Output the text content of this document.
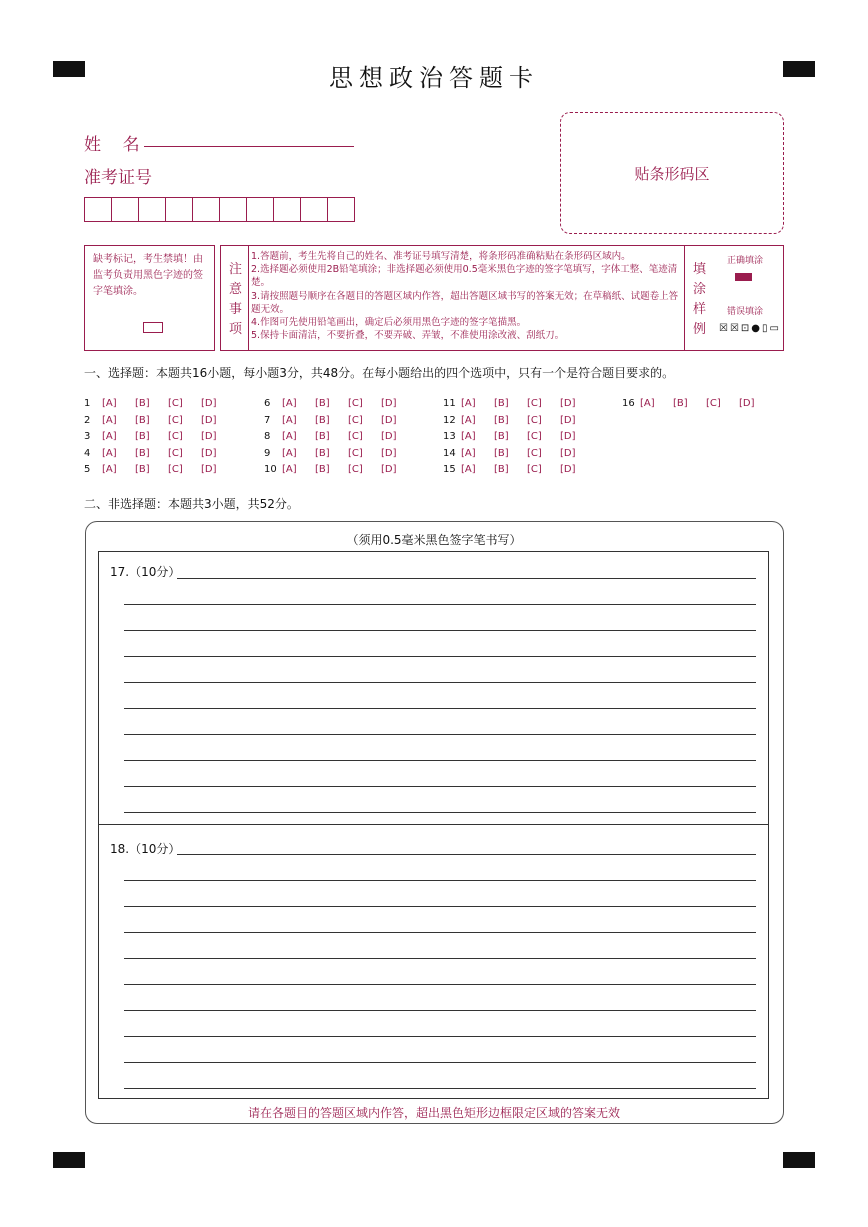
思想政治答题卡
姓    名
准考证号	贴条形码区
缺考标记，考生禁填！由监考负责用黑色字迹的签字笔填涂。
注意事项
1.答题前，考生先将自己的姓名、准考证号填写清楚，将条形码准确粘贴在条形码区域内。
2.选择题必须使用2B铅笔填涂；非选择题必须使用0.5毫米黑色字迹的签字笔填写，字体工整、笔迹清楚。
3.请按照题号顺序在各题目的答题区域内作答，超出答题区域书写的答案无效；在草稿纸、试题卷上答题无效。
4.作图可先使用铅笔画出，确定后必须用黑色字迹的签字笔描黑。
5.保持卡面清洁，不要折叠，不要弄破、弄皱，不准使用涂改液、刮纸刀。
填涂样例
正确填涂
错误填涂
☒☒⊡●▯▭
一、选择题：本题共16小题，每小题3分，共48分。在每小题给出的四个选项中，只有一个是符合题目要求的。
1 [A] [B] [C] [D]
2 [A] [B] [C] [D]
3 [A] [B] [C] [D]
4 [A] [B] [C] [D]
5 [A] [B] [C] [D]
6 [A] [B] [C] [D]
7 [A] [B] [C] [D]
8 [A] [B] [C] [D]
9 [A] [B] [C] [D]
10 [A] [B] [C] [D]
11 [A] [B] [C] [D]
12 [A] [B] [C] [D]
13 [A] [B] [C] [D]
14 [A] [B] [C] [D]
15 [A] [B] [C] [D]
16 [A] [B] [C] [D]
二、非选择题：本题共3小题，共52分。
（须用0.5毫米黑色签字笔书写）
17.（10分）
18.（10分）
请在各题目的答题区域内作答，超出黑色矩形边框限定区域的答案无效
